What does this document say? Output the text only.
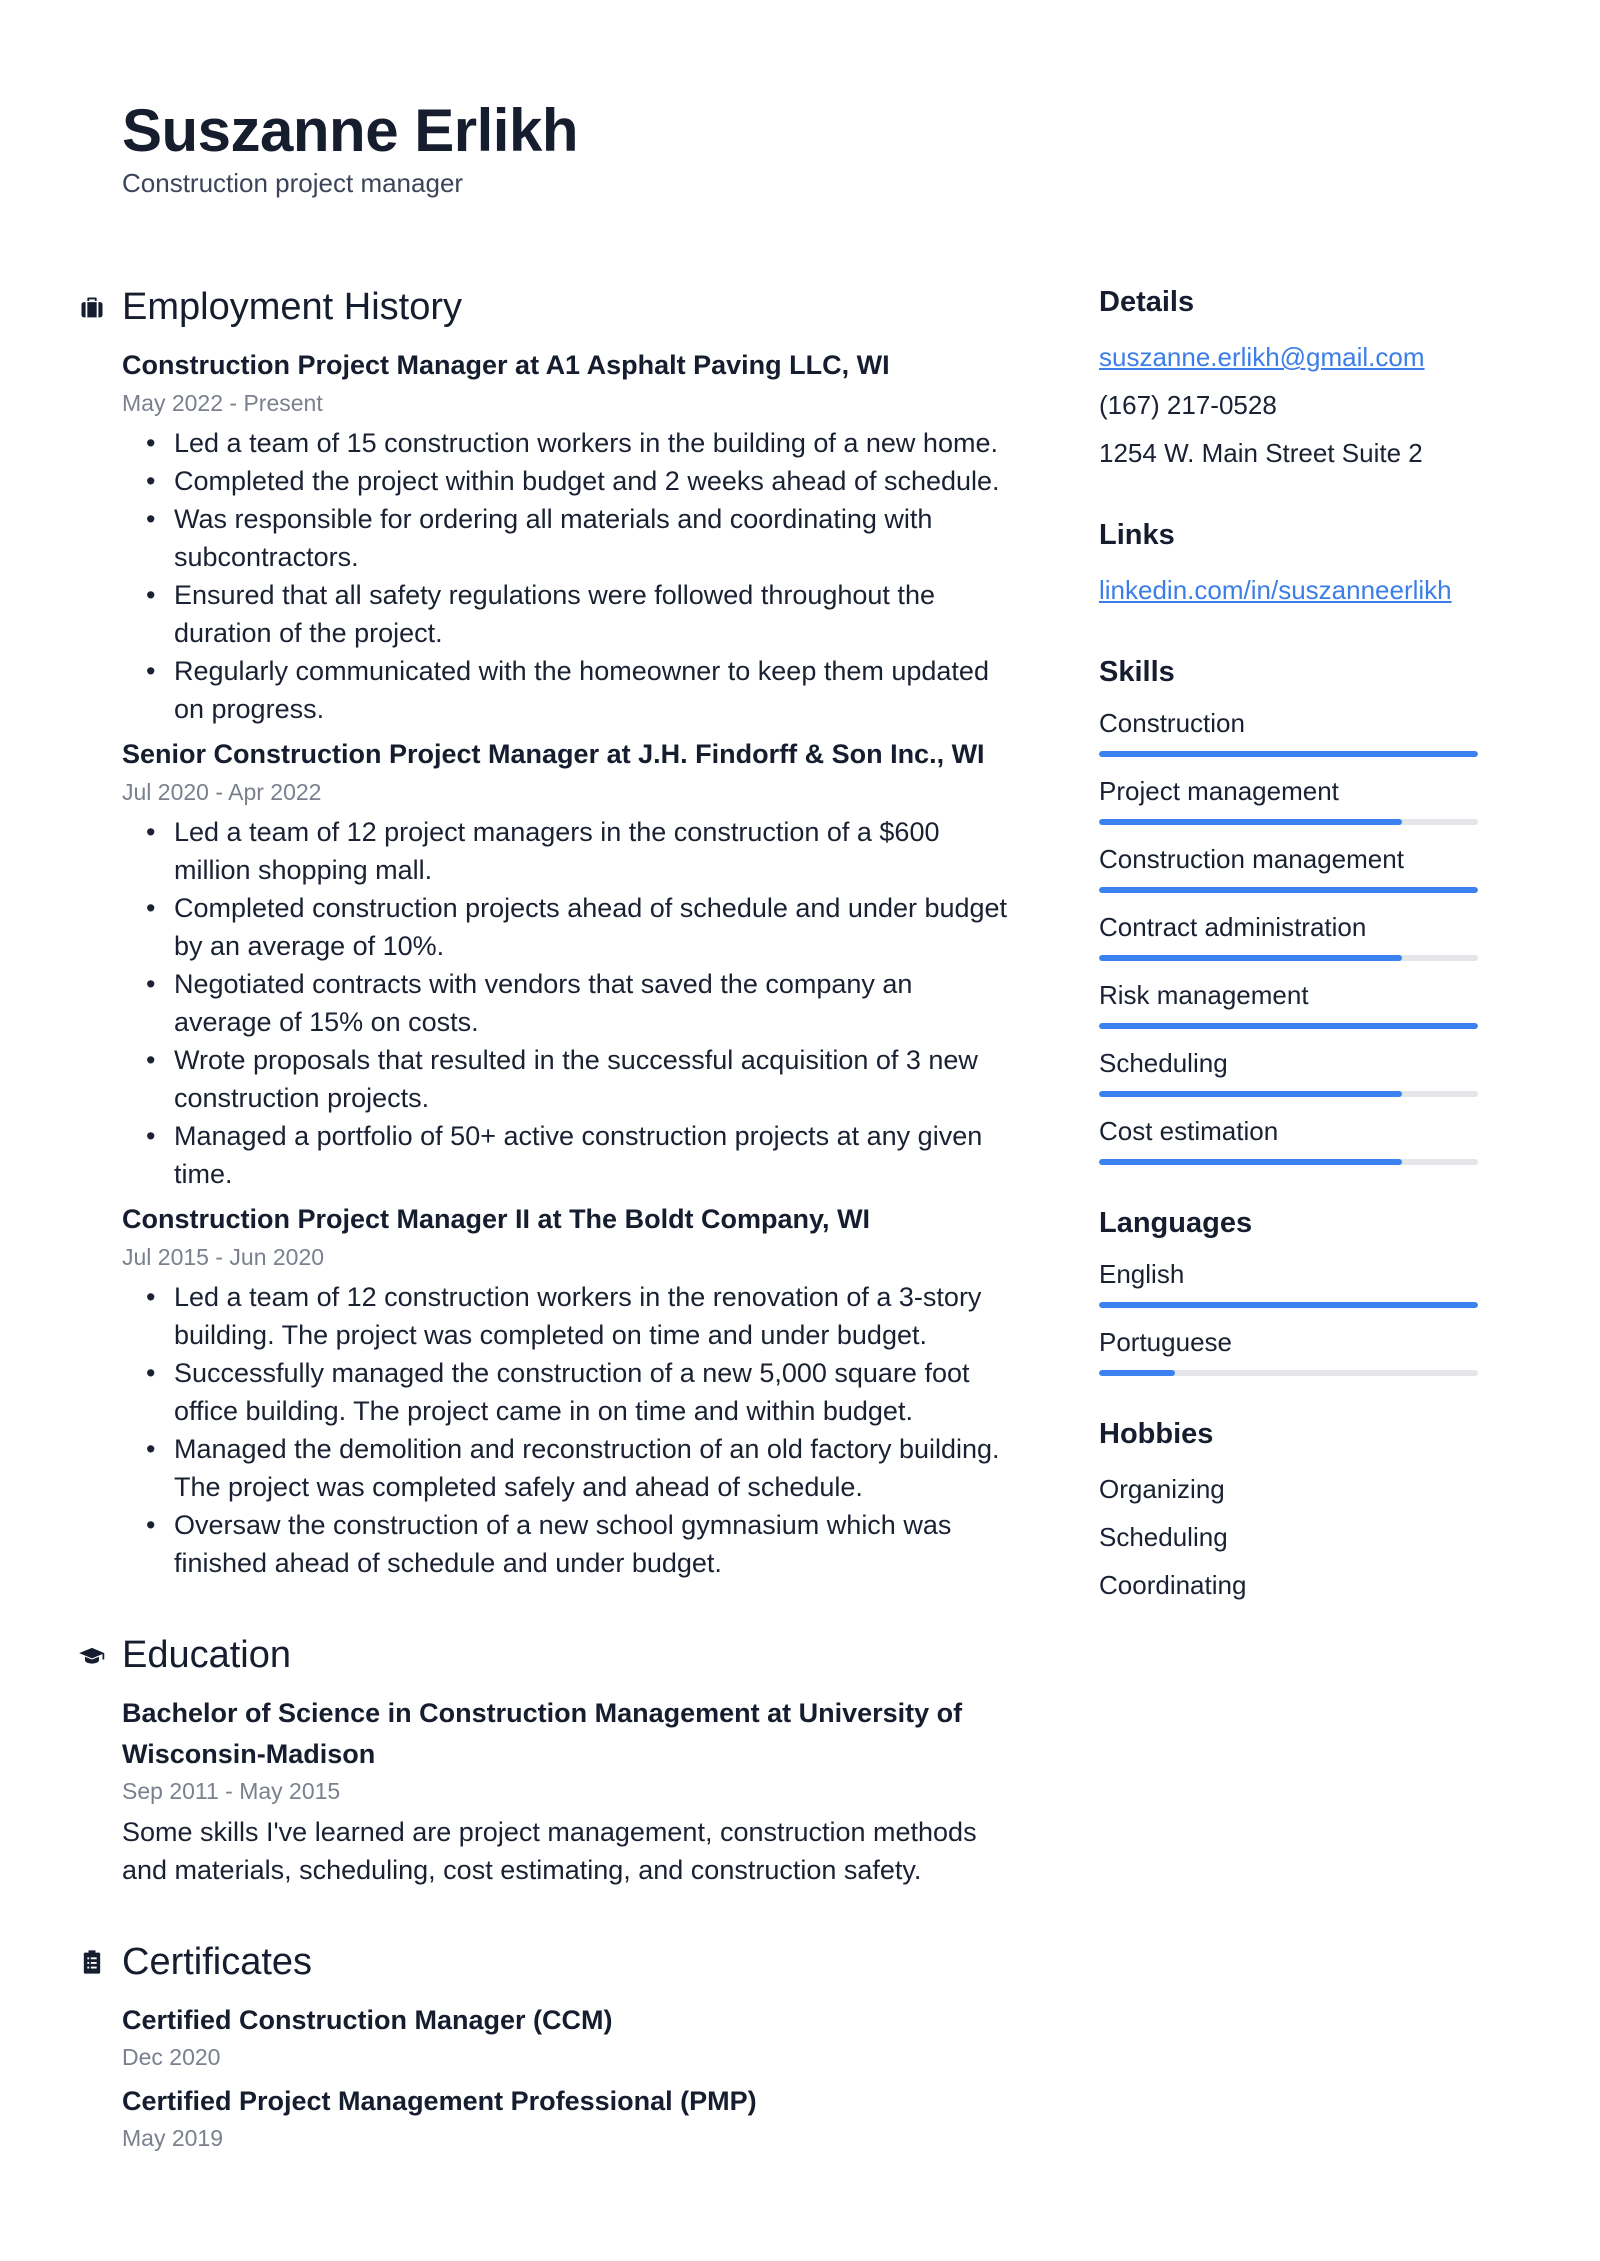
Suszanne Erlikh
Construction project manager
Employment History
Construction Project Manager at A1 Asphalt Paving LLC, WI
May 2022 - Present
• Led a team of 15 construction workers in the building of a new home.
• Completed the project within budget and 2 weeks ahead of schedule.
• Was responsible for ordering all materials and coordinating with subcontractors.
• Ensured that all safety regulations were followed throughout the duration of the project.
• Regularly communicated with the homeowner to keep them updated on progress.
Senior Construction Project Manager at J.H. Findorff & Son Inc., WI
Jul 2020 - Apr 2022
• Led a team of 12 project managers in the construction of a $600 million shopping mall.
• Completed construction projects ahead of schedule and under budget by an average of 10%.
• Negotiated contracts with vendors that saved the company an average of 15% on costs.
• Wrote proposals that resulted in the successful acquisition of 3 new construction projects.
• Managed a portfolio of 50+ active construction projects at any given time.
Construction Project Manager II at The Boldt Company, WI
Jul 2015 - Jun 2020
• Led a team of 12 construction workers in the renovation of a 3-story building. The project was completed on time and under budget.
• Successfully managed the construction of a new 5,000 square foot office building. The project came in on time and within budget.
• Managed the demolition and reconstruction of an old factory building. The project was completed safely and ahead of schedule.
• Oversaw the construction of a new school gymnasium which was finished ahead of schedule and under budget.
Education
Bachelor of Science in Construction Management at University of Wisconsin-Madison
Sep 2011 - May 2015
Some skills I've learned are project management, construction methods and materials, scheduling, cost estimating, and construction safety.
Certificates
Certified Construction Manager (CCM)
Dec 2020
Certified Project Management Professional (PMP)
May 2019
Details
suszanne.erlikh@gmail.com
(167) 217-0528
1254 W. Main Street Suite 2
Links
linkedin.com/in/suszanneerlikh
Skills
Construction
Project management
Construction management
Contract administration
Risk management
Scheduling
Cost estimation
Languages
English
Portuguese
Hobbies
Organizing
Scheduling
Coordinating
